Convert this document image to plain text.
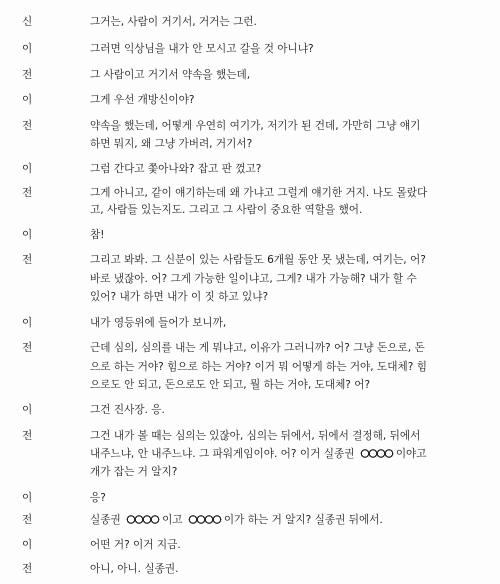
신	그거는, 사람이 거기서, 거거는 그런.
이	그러면 익상님을 내가 안 모시고 갈을 것 아니냐?
전	그 사람이고 거기서 약속을 했는데,
이	그게 우선 개방신이야?
전	약속을 했는데, 어떻게 우연히 여기가, 저기가 된 건데, 가만히 그냥 얘기
하면 뭐지, 왜 그냥 가버려, 거기서?
이	그럼 간다고 쫓아나와? 잡고 판 껐고?
전	그게 아니고, 같이 얘기하는데 왜 가냐고 그럴게 얘기한 거지. 나도 몰랐다
고, 사람들 있는지도. 그리고 그 사람이 중요한 역할을 했어.
이	참!
전	그리고 봐봐. 그 신분이 있는 사람들도 6개월 동안 못 냈는데, 여기는, 어?
바로 냈잖아. 어? 그게 가능한 일이냐고, 그게? 내가 가능해? 내가 할 수
있어? 내가 하면 내가 이 짓 하고 있냐?
이	내가 영등위에 들어가 보니까,
전	근데 심의, 심의를 내는 게 뭐냐고, 이유가 그러니까? 어? 그냥 돈으로, 돈
으로 하는 거야? 힘으로 하는 거야? 이거 뭐 어떻게 하는 거야, 도대체? 힘
으로도 안 되고, 돈으로도 안 되고, 뭘 하는 거야, 도대체? 어?
이	그건 진사장. 응.
전	그건 내가 볼 때는 심의는 있잖아, 심의는 뒤에서, 뒤에서 결정해, 뒤에서
내주느냐, 안 내주느냐. 그 파워게임이야. 어? 이거 실종권	이야고
개가 잡는 거 알지?
이	응?
전	실종권	이고	이가 하는 거 알지? 실종권 뒤에서.
이	어떤 거? 이거 지금.
전	아니, 아니. 실종권.
